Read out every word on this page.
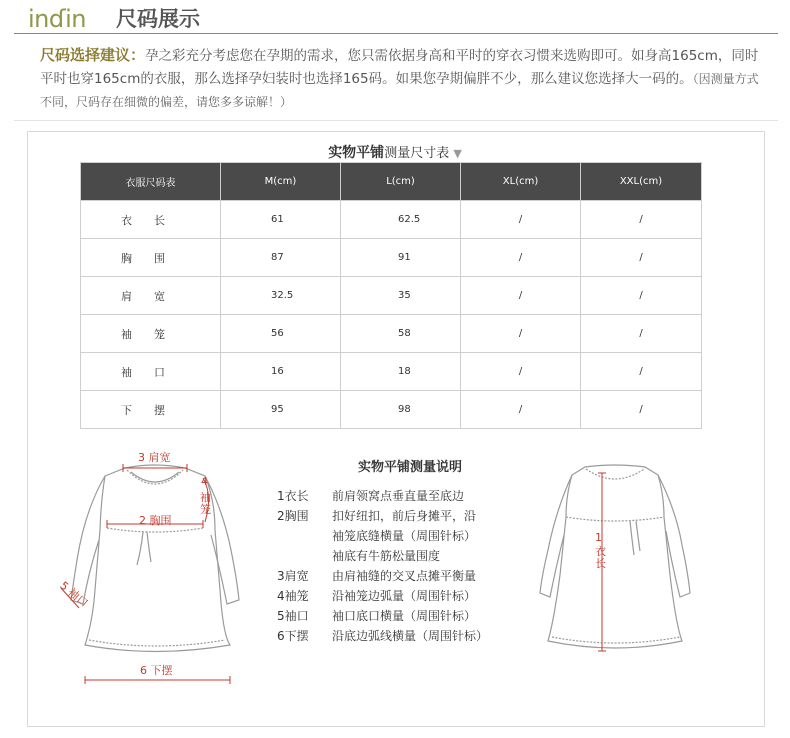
inɗin 尺码展示
尺码选择建议：孕之彩充分考虑您在孕期的需求，您只需依据身高和平时的穿衣习惯来选购即可。如身高165cm，同时平时也穿165cm的衣服，那么选择孕妇装时也选择165码。如果您孕期偏胖不少，那么建议您选择大一码的。（因测量方式不同，尺码存在细微的偏差，请您多多谅解！）
实物平铺测量尺寸表 ▼
衣服尺码表	M(cm)	L(cm)	XL(cm)	XXL(cm)
衣　　长	61	62.5	/	/
胸　　围	87	91	/	/
肩　　宽	32.5	35	/	/
袖　　笼	56	58	/	/
袖　　口	16	18	/	/
下　　摆	95	98	/	/
3 肩宽
4
袖笼
2 胸围
5 袖口
6 下摆
实物平铺测量说明
1衣长	前肩领窝点垂直量至底边
2胸围	扣好纽扣，前后身摊平，沿
袖笼底缝横量（周围针标）
袖底有牛筋松量围度
3肩宽	由肩袖缝的交叉点摊平衡量
4袖笼	沿袖笼边弧量（周围针标）
5袖口	袖口底口横量（周围针标）
6下摆	沿底边弧线横量（周围针标）
1
衣长
